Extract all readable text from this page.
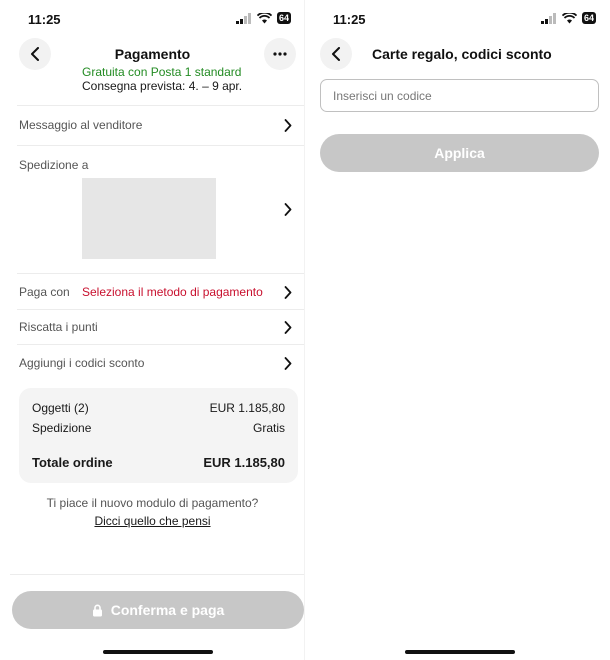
11:25	64
Gratuita con Posta 1 standard
Consegna prevista: 4. – 9 apr.
Pagamento
Messaggio al venditore
Spedizione a
Paga con Seleziona il metodo di pagamento
Riscatta i punti
Aggiungi i codici sconto
Oggetti (2)	EUR 1.185,80
Spedizione	Gratis
Totale ordine	EUR 1.185,80
Ti piace il nuovo modulo di pagamento?
Dicci quello che pensi
Conferma e paga
11:25	64
Carte regalo, codici sconto
Inserisci un codice
Applica
